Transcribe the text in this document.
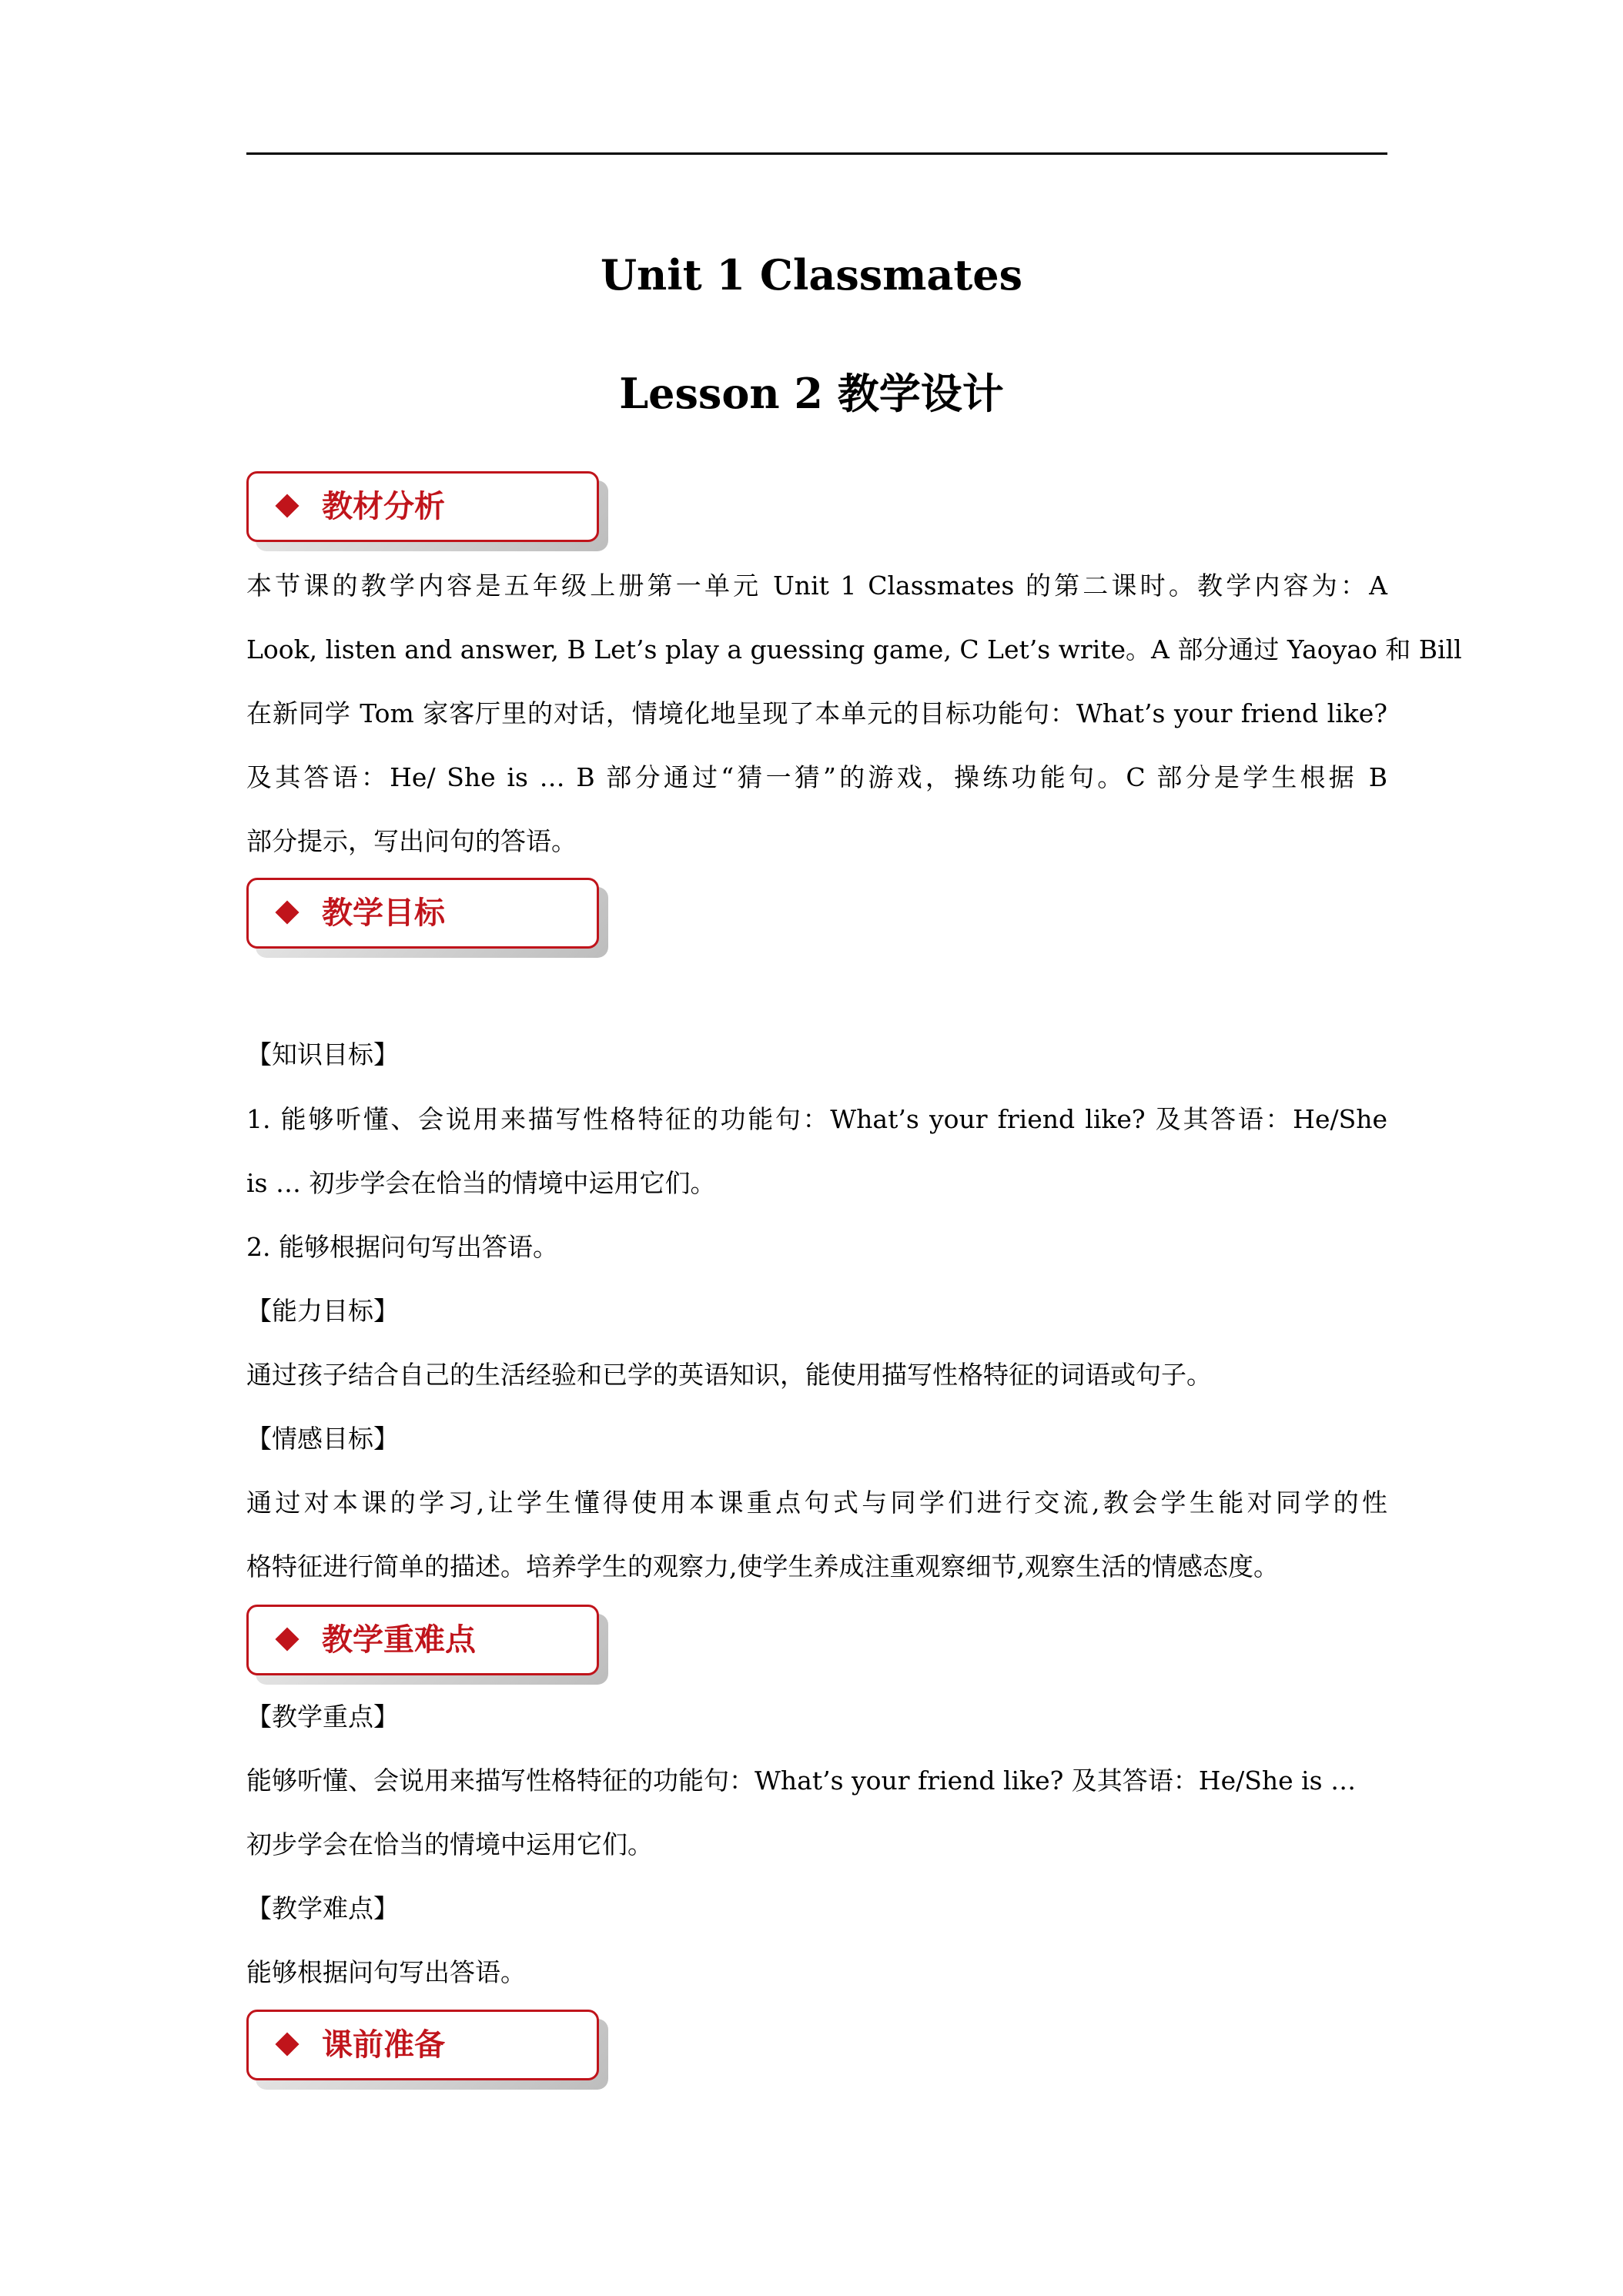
Unit 1 Classmates
Lesson 2 教学设计
教材分析
本节课的教学内容是五年级上册第一单元 Unit 1 Classmates 的第二课时。教学内容为：A
Look, listen and answer, B Let’s play a guessing game, C Let’s write。A 部分通过 Yaoyao 和 Bill
在新同学 Tom 家客厅里的对话，情境化地呈现了本单元的目标功能句：What’s your friend like?
及其答语：He/ She is … B 部分通过“猜一猜”的游戏，操练功能句。C 部分是学生根据 B
部分提示，写出问句的答语。
教学目标
【知识目标】
1. 能够听懂、会说用来描写性格特征的功能句：What’s your friend like? 及其答语：He/She
is … 初步学会在恰当的情境中运用它们。
2. 能够根据问句写出答语。
【能力目标】
通过孩子结合自己的生活经验和已学的英语知识，能使用描写性格特征的词语或句子。
【情感目标】
通过对本课的学习,让学生懂得使用本课重点句式与同学们进行交流,教会学生能对同学的性
格特征进行简单的描述。培养学生的观察力,使学生养成注重观察细节,观察生活的情感态度。
教学重难点
【教学重点】
能够听懂、会说用来描写性格特征的功能句：What’s your friend like? 及其答语：He/She is …
初步学会在恰当的情境中运用它们。
【教学难点】
能够根据问句写出答语。
课前准备
